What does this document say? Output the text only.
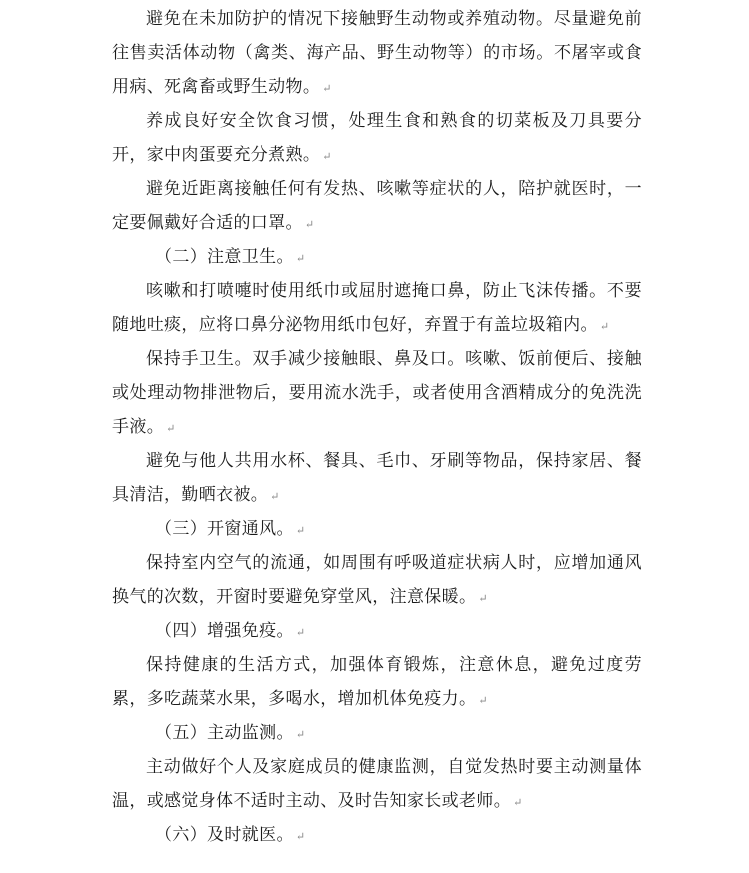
避免在未加防护的情况下接触野生动物或养殖动物。尽量避免前往售卖活体动物（禽类、海产品、野生动物等）的市场。不屠宰或食用病、死禽畜或野生动物。 ↵
养成良好安全饮食习惯，处理生食和熟食的切菜板及刀具要分开，家中肉蛋要充分煮熟。 ↵
避免近距离接触任何有发热、咳嗽等症状的人，陪护就医时，一定要佩戴好合适的口罩。 ↵
（二）注意卫生。 ↵
咳嗽和打喷嚏时使用纸巾或屈肘遮掩口鼻，防止飞沫传播。不要随地吐痰，应将口鼻分泌物用纸巾包好，弃置于有盖垃圾箱内。 ↵
保持手卫生。双手减少接触眼、鼻及口。咳嗽、饭前便后、接触或处理动物排泄物后，要用流水洗手，或者使用含酒精成分的免洗洗手液。 ↵
避免与他人共用水杯、餐具、毛巾、牙刷等物品，保持家居、餐具清洁，勤晒衣被。 ↵
（三）开窗通风。 ↵
保持室内空气的流通，如周围有呼吸道症状病人时，应增加通风换气的次数，开窗时要避免穿堂风，注意保暖。 ↵
（四）增强免疫。 ↵
保持健康的生活方式，加强体育锻炼，注意休息，避免过度劳累，多吃蔬菜水果，多喝水，增加机体免疫力。 ↵
（五）主动监测。 ↵
主动做好个人及家庭成员的健康监测，自觉发热时要主动测量体温，或感觉身体不适时主动、及时告知家长或老师。 ↵
（六）及时就医。 ↵
